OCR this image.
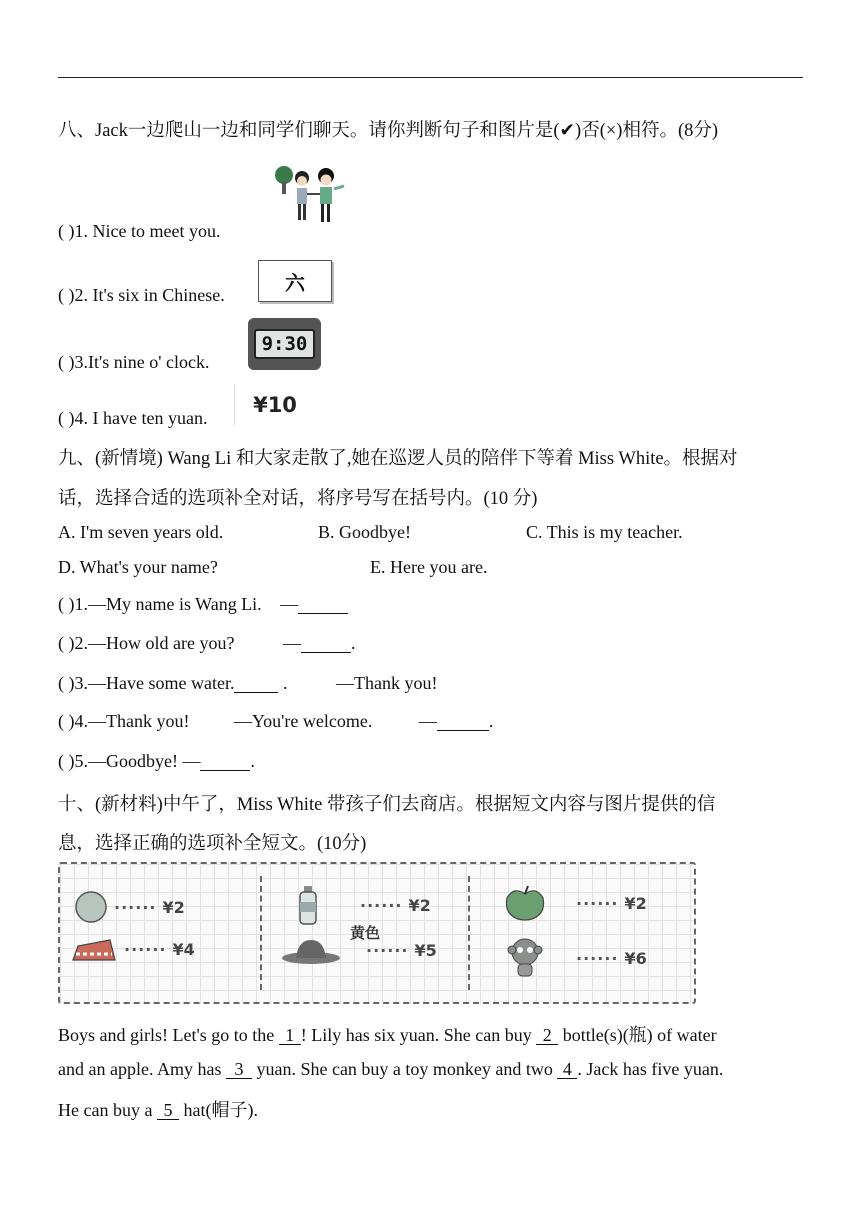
八、Jack一边爬山一边和同学们聊天。请你判断句子和图片是(✔)否(×)相符。(8分)
( )1. Nice to meet you.
( )2. It's six in Chinese.
六
( )3.It's nine o' clock.
9:30
( )4. I have ten yuan.
¥10
九、(新情境) Wang Li 和大家走散了,她在巡逻人员的陪伴下等着 Miss White。根据对
话，选择合适的选项补全对话，将序号写在括号内。(10 分)
A. I'm seven years old.	B. Goodbye!	C. This is my teacher.
D. What's your name?	E. Here you are.
( )1.—My name is Wang Li. —
( )2.—How old are you?	—	.
( )3.—Have some water.  .	—Thank you!
( )4.—Thank you! —You're welcome.	—	.
( )5.—Goodbye! —	.
十、(新材料)中午了，Miss White 带孩子们去商店。根据短文内容与图片提供的信
息，选择正确的选项补全短文。(10分)
······ ¥2
······ ¥4
······ ¥2
······ ¥5
黄色
······ ¥2
······ ¥6
Boys and girls! Let's go to the 1 ! Lily has six yuan. She can buy 2 bottle(s)(瓶) of water
and an apple. Amy has 3 yuan. She can buy a toy monkey and two 4 . Jack has five yuan.
He can buy a 5 hat(帽子).
